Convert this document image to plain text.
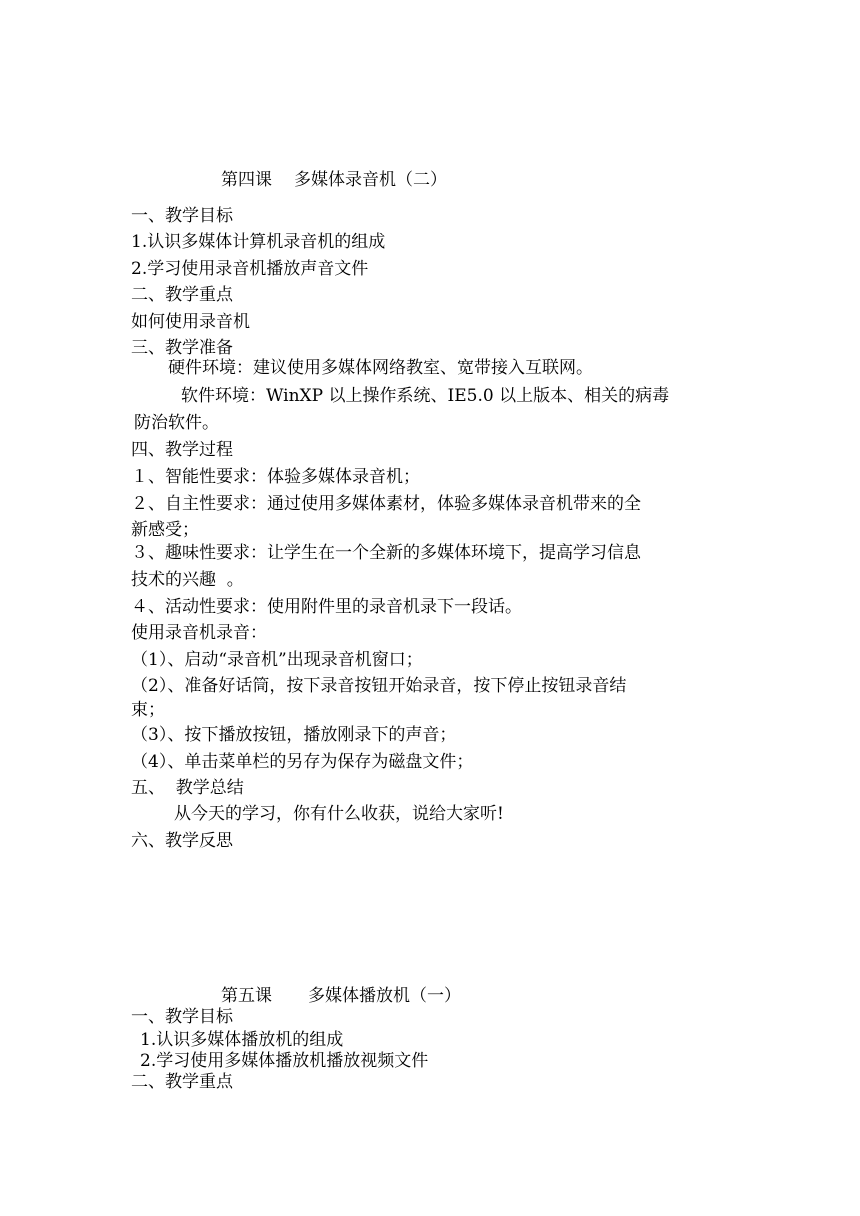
第四课 多媒体录音机（二）
一、教学目标
1.认识多媒体计算机录音机的组成
2.学习使用录音机播放声音文件
二、教学重点
如何使用录音机
三、教学准备
硬件环境：建议使用多媒体网络教室、宽带接入互联网。
软件环境：WinXP 以上操作系统、IE5.0 以上版本、相关的病毒
防治软件。
四、教学过程
１、智能性要求：体验多媒体录音机；
２、自主性要求：通过使用多媒体素材，体验多媒体录音机带来的全
新感受；
３、趣味性要求：让学生在一个全新的多媒体环境下，提高学习信息
技术的兴趣  。
４、活动性要求：使用附件里的录音机录下一段话。
使用录音机录音：
（1）、启动“录音机”出现录音机窗口；
（2）、准备好话筒，按下录音按钮开始录音，按下停止按钮录音结
束；
（3）、按下播放按钮，播放刚录下的声音；
（4）、单击菜单栏的另存为保存为磁盘文件；
五、  教学总结
从今天的学习，你有什么收获，说给大家听!
六、教学反思
第五课 多媒体播放机（一）
一、教学目标
1.认识多媒体播放机的组成
2.学习使用多媒体播放机播放视频文件
二、教学重点
